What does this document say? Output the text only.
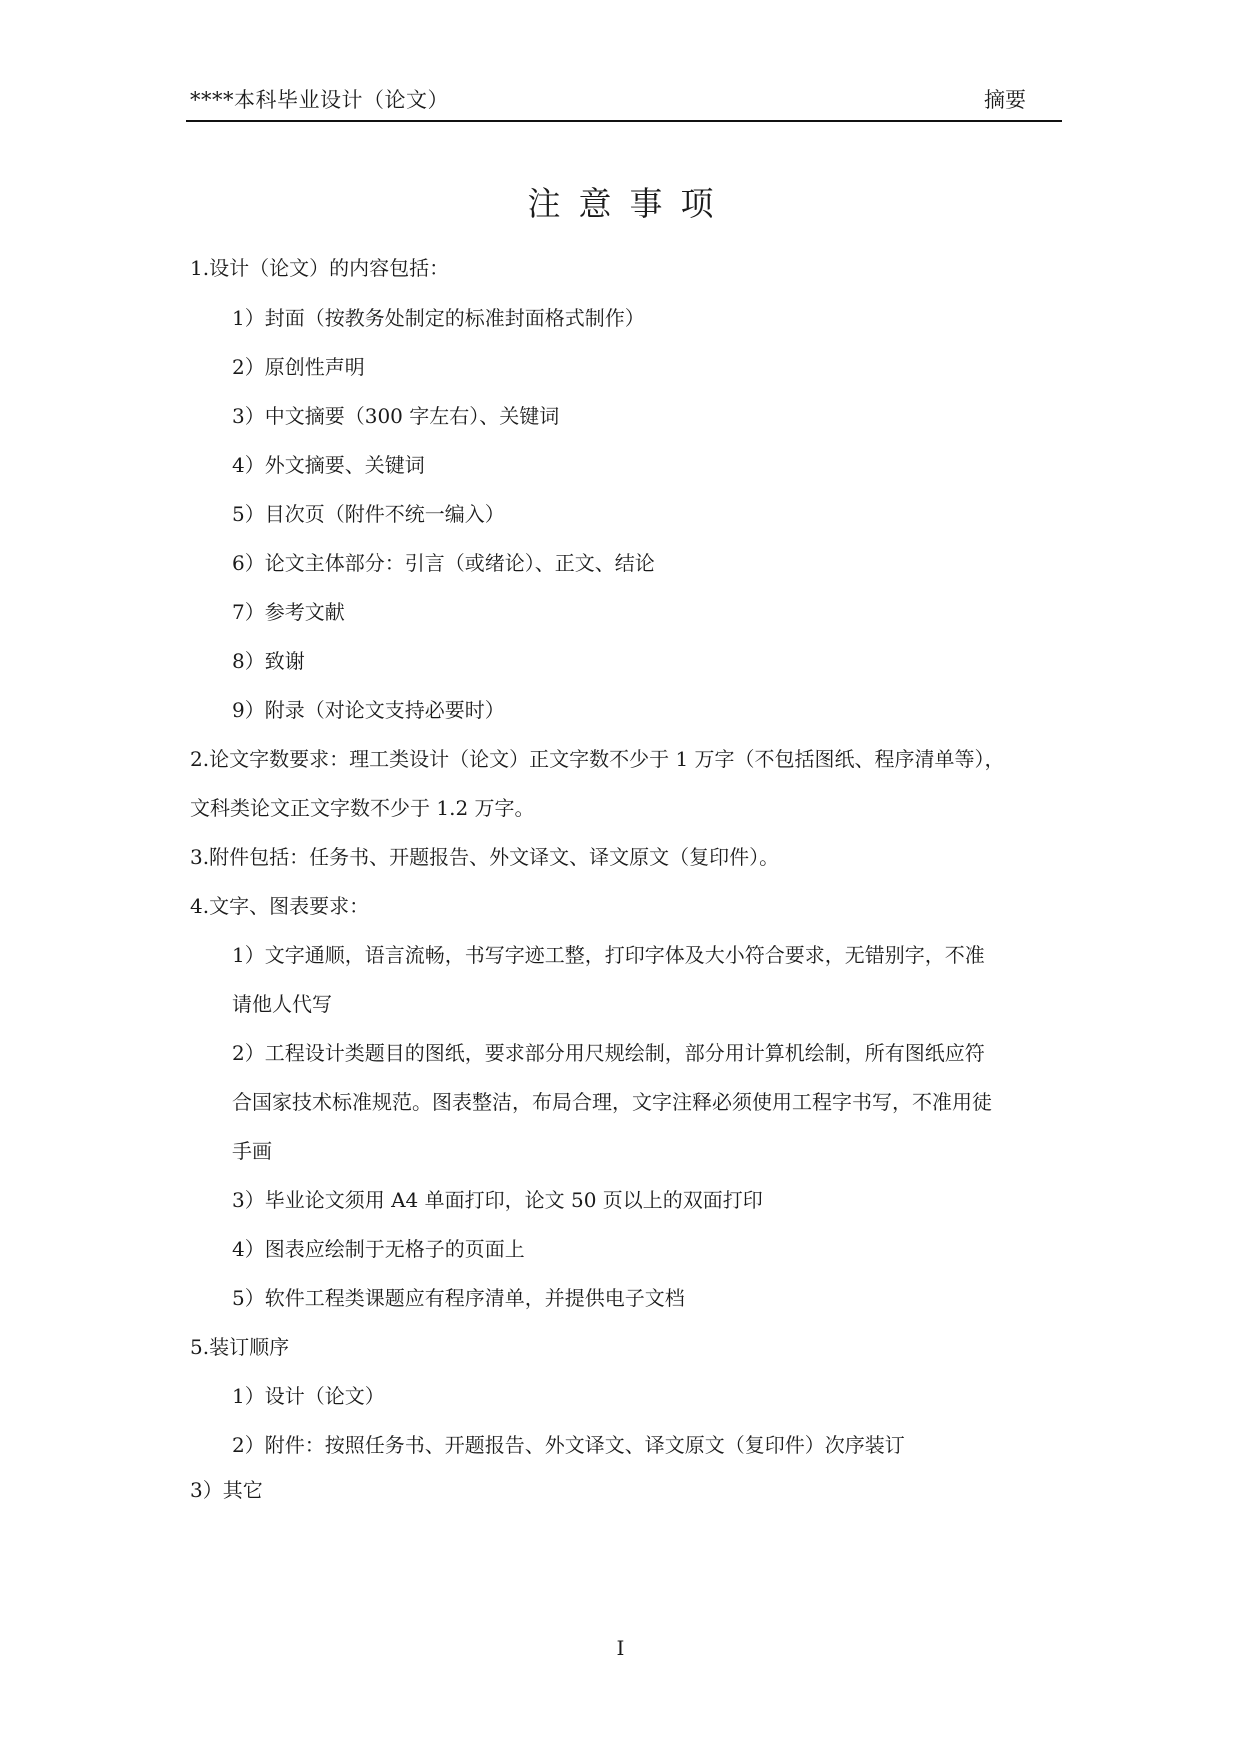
****本科毕业设计（论文）	摘要
注意事项
1.设计（论文）的内容包括：
1）封面（按教务处制定的标准封面格式制作）
2）原创性声明
3）中文摘要（300 字左右）、关键词
4）外文摘要、关键词
5）目次页（附件不统一编入）
6）论文主体部分：引言（或绪论）、正文、结论
7）参考文献
8）致谢
9）附录（对论文支持必要时）
2.论文字数要求：理工类设计（论文）正文字数不少于 1 万字（不包括图纸、程序清单等），
文科类论文正文字数不少于 1.2 万字。
3.附件包括：任务书、开题报告、外文译文、译文原文（复印件）。
4.文字、图表要求：
1）文字通顺，语言流畅，书写字迹工整，打印字体及大小符合要求，无错别字，不准
请他人代写
2）工程设计类题目的图纸，要求部分用尺规绘制，部分用计算机绘制，所有图纸应符
合国家技术标准规范。图表整洁，布局合理，文字注释必须使用工程字书写，不准用徒
手画
3）毕业论文须用 A4 单面打印，论文 50 页以上的双面打印
4）图表应绘制于无格子的页面上
5）软件工程类课题应有程序清单，并提供电子文档
5.装订顺序
1）设计（论文）
2）附件：按照任务书、开题报告、外文译文、译文原文（复印件）次序装订
3）其它
I
